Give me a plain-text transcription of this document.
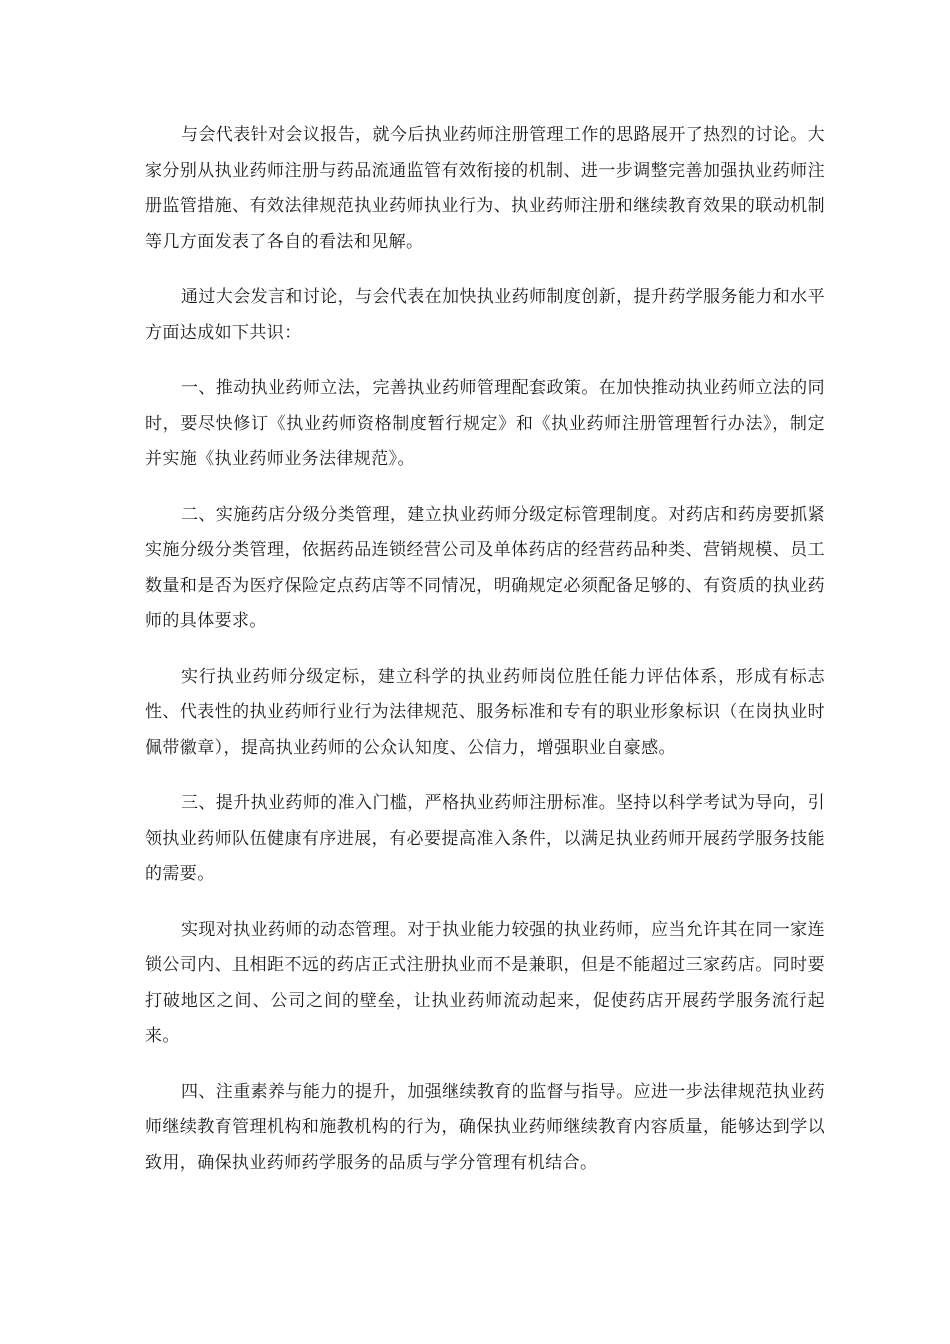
与会代表针对会议报告，就今后执业药师注册管理工作的思路展开了热烈的讨论。大家分别从执业药师注册与药品流通监管有效衔接的机制、进一步调整完善加强执业药师注册监管措施、有效法律规范执业药师执业行为、执业药师注册和继续教育效果的联动机制等几方面发表了各自的看法和见解。

通过大会发言和讨论，与会代表在加快执业药师制度创新，提升药学服务能力和水平方面达成如下共识：

一、推动执业药师立法，完善执业药师管理配套政策。在加快推动执业药师立法的同时，要尽快修订《执业药师资格制度暂行规定》和《执业药师注册管理暂行办法》，制定并实施《执业药师业务法律规范》。

二、实施药店分级分类管理，建立执业药师分级定标管理制度。对药店和药房要抓紧实施分级分类管理，依据药品连锁经营公司及单体药店的经营药品种类、营销规模、员工数量和是否为医疗保险定点药店等不同情况，明确规定必须配备足够的、有资质的执业药师的具体要求。

实行执业药师分级定标，建立科学的执业药师岗位胜任能力评估体系，形成有标志性、代表性的执业药师行业行为法律规范、服务标准和专有的职业形象标识（在岗执业时佩带徽章），提高执业药师的公众认知度、公信力，增强职业自豪感。

三、提升执业药师的准入门槛，严格执业药师注册标准。坚持以科学考试为导向，引领执业药师队伍健康有序进展，有必要提高准入条件，以满足执业药师开展药学服务技能的需要。

实现对执业药师的动态管理。对于执业能力较强的执业药师，应当允许其在同一家连锁公司内、且相距不远的药店正式注册执业而不是兼职，但是不能超过三家药店。同时要打破地区之间、公司之间的壁垒，让执业药师流动起来，促使药店开展药学服务流行起来。

四、注重素养与能力的提升，加强继续教育的监督与指导。应进一步法律规范执业药师继续教育管理机构和施教机构的行为，确保执业药师继续教育内容质量，能够达到学以致用，确保执业药师药学服务的品质与学分管理有机结合。
